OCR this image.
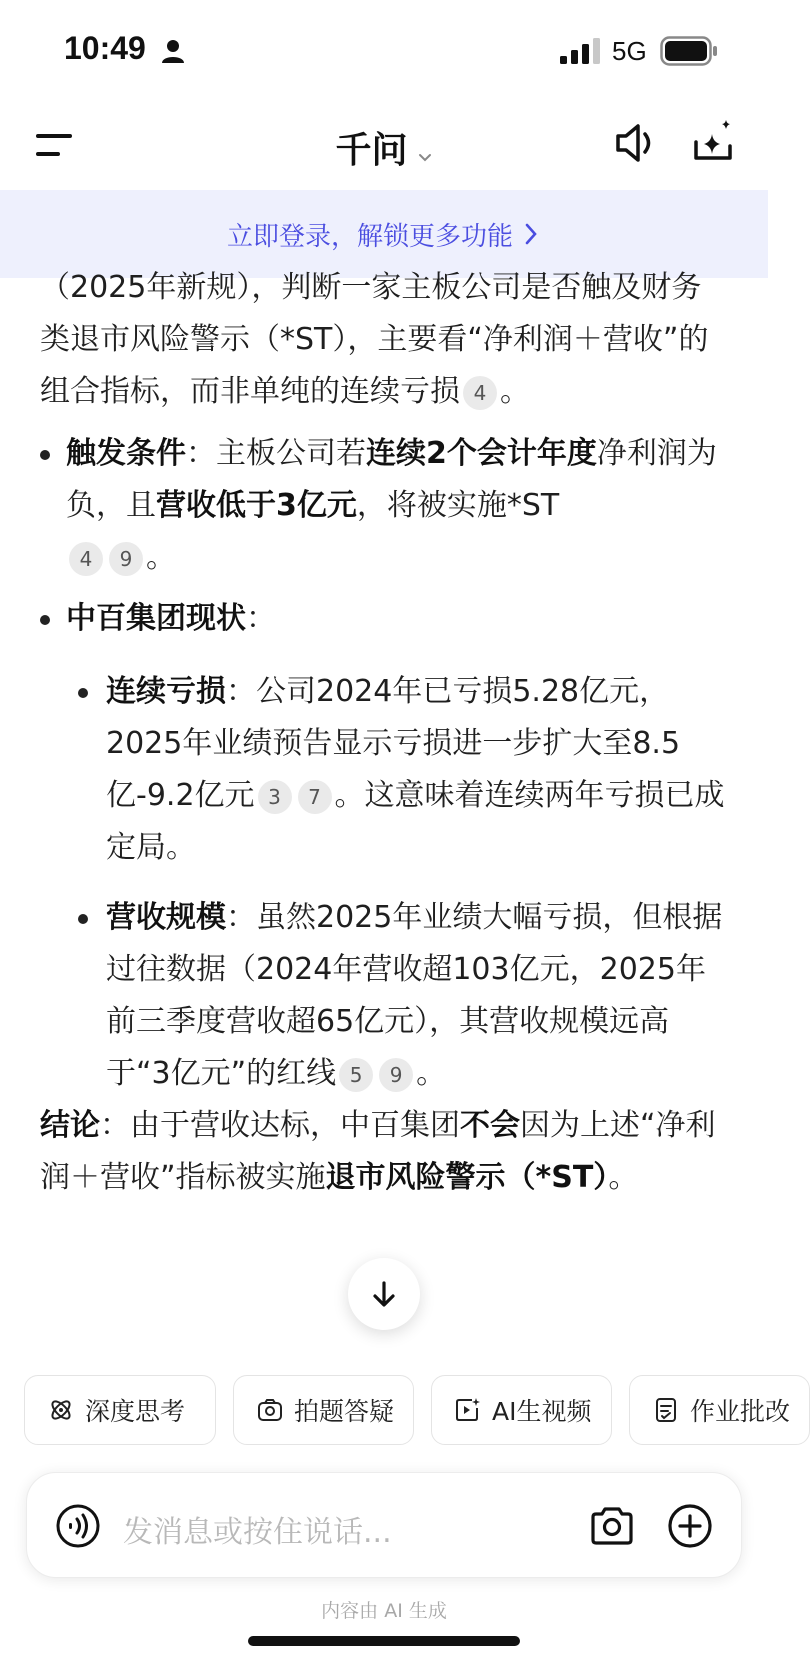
10:49	5G
千问
立即登录，解锁更多功能
（2025年新规），判断一家主板公司是否触及财务类退市风险警示（*ST），主要看“净利润＋营收”的组合指标，而非单纯的连续亏损 4 。
触发条件：主板公司若连续2个会计年度净利润为负，且营收低于3亿元，将被实施*ST
4 9 。
中百集团现状：
连续亏损：公司2024年已亏损5.28亿元，2025年业绩预告显示亏损进一步扩大至8.5亿-9.2亿元 3 7 。这意味着连续两年亏损已成定局。
营收规模：虽然2025年业绩大幅亏损，但根据过往数据（2024年营收超103亿元，2025年前三季度营收超65亿元），其营收规模远高于“3亿元”的红线 5 9 。
结论：由于营收达标，中百集团不会因为上述“净利润＋营收”指标被实施退市风险警示（*ST）。
深度思考	拍题答疑	AI生视频	作业批改
发消息或按住说话...
内容由 AI 生成
